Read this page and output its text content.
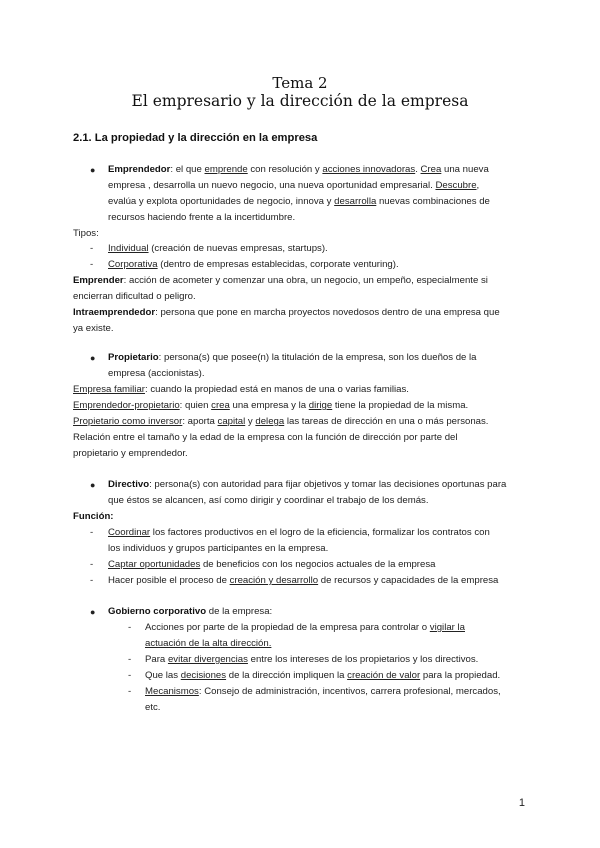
Tema 2
El empresario y la dirección de la empresa
2.1. La propiedad y la dirección en la empresa
● Emprendedor: el que emprende con resolución y acciones innovadoras. Crea una nueva
empresa , desarrolla un nuevo negocio, una nueva oportunidad empresarial. Descubre,
evalúa y explota oportunidades de negocio, innova y desarrolla nuevas combinaciones de
recursos haciendo frente a la incertidumbre.
Tipos:
- Individual (creación de nuevas empresas, startups).
- Corporativa (dentro de empresas establecidas, corporate venturing).
Emprender: acción de acometer y comenzar una obra, un negocio, un empeño, especialmente si
encierran dificultad o peligro.
Intraemprendedor: persona que pone en marcha proyectos novedosos dentro de una empresa que
ya existe.
● Propietario: persona(s) que posee(n) la titulación de la empresa, son los dueños de la
empresa (accionistas).
Empresa familiar: cuando la propiedad está en manos de una o varias familias.
Emprendedor-propietario: quien crea una empresa y la dirige tiene la propiedad de la misma.
Propietario como inversor: aporta capital y delega las tareas de dirección en una o más personas.
Relación entre el tamaño y la edad de la empresa con la función de dirección por parte del
propietario y emprendedor.
● Directivo: persona(s) con autoridad para fijar objetivos y tomar las decisiones oportunas para
que éstos se alcancen, así como dirigir y coordinar el trabajo de los demás.
Función:
- Coordinar los factores productivos en el logro de la eficiencia, formalizar los contratos con
los individuos y grupos participantes en la empresa.
- Captar oportunidades de beneficios con los negocios actuales de la empresa
- Hacer posible el proceso de creación y desarrollo de recursos y capacidades de la empresa
● Gobierno corporativo de la empresa:
- Acciones por parte de la propiedad de la empresa para controlar o vigilar la
actuación de la alta dirección.
- Para evitar divergencias entre los intereses de los propietarios y los directivos.
- Que las decisiones de la dirección impliquen la creación de valor para la propiedad.
- Mecanismos: Consejo de administración, incentivos, carrera profesional, mercados,
etc.
1
